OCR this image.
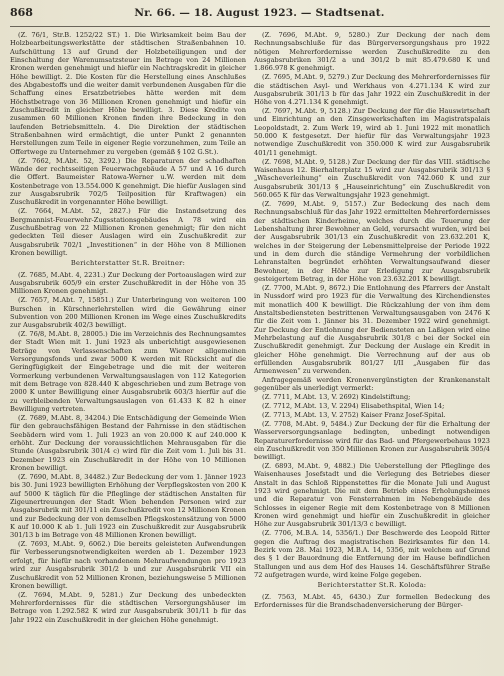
868	Nr. 66. — 18. August 1923. — Stadtsenat.

(Z. 76/1, Str.B. 1252/22 ST.) 1. Die Wirksamkeit beim Bau der Holzbearbeitungswerkstätte der städtischen Straßenbahnen 10. Aufschüttung 13 auf Grund der Holzbeteiligungen und der Einschaltung der Warenumsatzsteuer im Betrage von 24 Millionen Kronen werden genehmigt und hiefür ein Nachtragskredit in gleicher Höhe bewilligt. 2. Die Kosten für die Herstellung eines Anschlußes des Abgabestoffs und die weiter damit verbundenen Ausgaben für die Schaffung eines Ersatzbetriebes hätte werden mit dem Höchstbetrage von 36 Millionen Kronen genehmigt und hiefür ein Zuschußkredit in gleicher Höhe bewilligt. 3. Diese Kredite von zusammen 60 Millionen Kronen finden ihre Bedeckung in den laufenden Betriebsmitteln. 4. Die Direktion der städtischen Straßenbahnen wird ermächtigt, die unter Punkt 2 genannten Herstellungen zum Teile in eigener Regie vorzunehmen, zum Teile an Offertwege zu Unternehmer zu vergeben (gemäß § 102 G.St.).

(Z. 7662, M.Abt. 52, 3292.) Die Reparaturen der schadhaften Wände der rechtsseitigen Feuerwachgebäude A 57 und A 16 durch die Offert. Baumeister Ratowa-Werner u.W. werden mit dem Kostenbetrage von 13.554.000 K genehmigt. Die hiefür Auslagen sind zur Ausgabsrubrik 702/5 Teilposition für Kraftwagen) ein Zuschußkredit in vorgenannter Höhe bewilligt.

(Z. 7664, M.Abt. 52, 2827.) Für die Instandsetzung des Bergmannist-Feuerwehr-Zugsstationsgebäudes A 78 wird ein Zuschußbetrag von 22 Millionen Kronen genehmigt; für den nicht gedeckten Teil dieser Auslagen wird ein Zuschußkredit zur Ausgabsrubrik 702/1 „Investitionen“ in der Höhe von 8 Millionen Kronen bewilligt.

Berichterstatter St.R. Breitner:

(Z. 7685, M.Abt. 4, 2231.) Zur Deckung der Portoauslagen wird zur Ausgabsrubrik 605/9 ein erster Zuschußkredit in der Höhe von 35 Millionen Kronen genehmigt.

(Z. 7657, M.Abt. 7, 15851.) Zur Unterbringung von weiteren 100 Burschen in Kürschnerlehrstellen wird die Gewährung einer Subvention von 200 Millionen Kronen im Wege eines Zuschußkredits zur Ausgabsrubrik 402/3 bewilligt.

(Z. 76/8, M.Abt. 8, 28005.) Die im Verzeichnis des Rechnungsamtes der Stadt Wien mit 1. Juni 1923 als unberichtigt ausgewiesenen Beträge von Verlassenschaften zum Wiener allgemeinen Versorgungsfonds und zwar 5000 K werden mit Rücksicht auf die Geringfügigkeit der Eingebetrage und die mit der weiteren Vormerkung verbundenen Verwaltungsauslagen von 112 Kategorien mit dem Betrage von 828.440 K abgeschrieben und zum Betrage von 2000 K unter Bewilligung einer Ausgabsrubrik 603/3 hierfür auf die zu verbleibenden Verwaltungsauslagen von 61.433 K 82 h einer Bewilligung vertreten.

(Z. 7689, M.Abt. 8, 34204.) Die Entschädigung der Gemeinde Wien für den gebrauchsfähigen Bestand der Fahrnisse in den städtischen Seebädern wird vom 1. Juli 1923 an von 20.000 K auf 240.000 K erhöht. Zur Deckung der voraussichtlichen Mehrausgaben für die Stunde (Ausgabsrubrik 301/4 c) wird für die Zeit vom 1. Juli bis 31. Dezember 1923 ein Zuschußkredit in der Höhe von 10 Millionen Kronen bewilligt.

(Z. 7690, M.Abt. 8, 34482.) Zur Bedeckung der vom 1. Jänner 1923 bis 30. Juni 1923 bewilligten Erhöhung der Verpflegskosten von 200 K auf 5000 K täglich für die Pfleglinge der städtischen Anstalten für Zigeunertreuungen der Stadt Wien behenden Personen wird zur Ausgabsrubrik mit 301/11 ein Zuschußkredit von 12 Millionen Kronen und zur Bedeckung der von demselben Pflegskostensätzung von 5000 K auf 10.000 K ab 1. Juli 1923 ein Zuschußkredit zur Ausgabsrubrik 301/13 b im Betrage von 48 Millionen Kronen bewilligt.

(Z. 7693, M.Abt. 9, 6062.) Die bereits geleisteten Aufwendungen für Verbesserungsnotwendigkeiten werden ab 1. Dezember 1923 erfolgt, für hiefür nach vorhandenem Mehraufwendungen pro 1923 wird zur Ausgabsrubrik 301/2 b und zur Ausgabsrubrik VII ein Zuschußkredit von 52 Millionen Kronen, beziehungsweise 5 Millionen Kronen bewilligt.

(Z. 7694, M.Abt. 9, 5281.) Zur Deckung des unbedeckten Mehrerfordernisses für die städtischen Versorgungshäuser im Betrage von 1.292.582 K wird zur Ausgabsrubrik 301/11 b für das Jahr 1922 ein Zuschußkredit in der gleichen Höhe genehmigt.

(Z. 7696, M.Abt. 9, 5280.) Zur Deckung der nach dem Rechnungsabschluße für das Bürgerversorgungshaus pro 1922 nötigen Mehrerfordernisse werden Zuschußkredite zu den Ausgabsrubriken 301/2 a und 301/2 b mit 85.479.680 K und 1.866.978 K genehmigt.

(Z. 7695, M.Abt. 9, 5279.) Zur Deckung des Mehrerfordernisses für die städtischen Asyl- und Werkhaus von 4.271.134 K wird zur Ausgabsrubrik 301/13 b für das Jahr 1922 ein Zuschußkredit in der Höhe von 4.271.134 K genehmigt.

(Z. 7697, M.Abt. 9, 5128.) Zur Deckung der für die Hauswirtschaft und Einrichtung an den Zinsgewerkschaften im Magistratspalais Leopoldstadt, 2. Zum Werk 19, wird ab 1. Juni 1922 mit monatlich 50.000 K festgesetzt. Der hiefür für das Verwaltungsjahr 1923 notwendige Zuschußkredit von 350.000 K wird zur Ausgabsrubrik 401/11 genehmigt.

(Z. 7698, M.Abt. 9, 5128.) Zur Deckung der für das VIII. städtische Waisenhaus 12. Bierhalterplatz 15 wird zur Ausgabsrubrik 301/13 § „Wäscheverleihung“ ein Zuschußkredit von 742.060 K und zur Ausgabsrubrik 301/13 § „Hauseinrichtung“ ein Zuschußkredit von 560.065 K für das Verwaltungsjahr 1923 genehmigt.

(Z. 7699, M.Abt. 9, 5157.) Zur Bedeckung des nach dem Rechnungsabschluß für das Jahr 1922 ermittelten Mehrerfordernisses der städtischen Kinderheime, welches durch die Teuerung der Lebenshaltung ihrer Bewohner an Geld, verursacht wurden, wird bei der Ausgabsrubrik 301/13 ein Zuschußkredit von 23.632.201 K, welches in der Steigerung der Lebensmittelpreise der Periode 1922 und in dem durch die ständige Vermehrung der vorbildlichen Lehranstalten begründet erhöhten Verwaltungsaufwand dieser Bewohner, in der Höhe zur Erledigung zur Ausgabsrubrik gesteigertem Betrag, in der Höhe von 23.632.201 K bewilligt.

(Z. 7700, M.Abt. 9, 8672.) Die Entlohnung des Pfarrers der Anstalt in Nussdorf wird pro 1923 für die Verwaltung des Kirchendienstes mit monatlich 400 K bewilligt. Die Rückzahlung der von ihm dem Anstaltsbediensteten bestrittenen Verwaltungsausgaben von 2476 K für die Zeit vom 1. Jänner bis 31. Dezember 1922 wird genehmigt. Zur Deckung der Entlohnung der Bediensteten an Laßigen wird eine Mehrbelastung auf die Ausgabsrubrik 301/8 c bei der Sockel ein Zuschußkredit genehmigt. Zur Deckung der Auslage ein Kredit in gleicher Höhe genehmigt. Die Verrechnung auf der aus ob erfüllenden Ausgabsrubrik 801/27 I/II „Ausgaben für das Armenwesen“ zu verwenden.

Anfragegemäß werden Kronenvergünstigten der Krankenanstalt gegenüber als unerledigt vermerkt:

(Z. 7711, M.Abt. 13, V. 2692) Kindelstiftung;

(Z. 7712, M.Abt. 13, V. 2294) Elisabethspital, Wien 14;

(Z. 7713, M.Abt. 13, V. 2752) Kaiser Franz Josef-Spital.

(Z. 7708, M.Abt. 9, 5484.) Zur Deckung der für die Erhaltung der Wasserversorgungsanlage bedingten, unbedingt notwendigen Reparaturerfordernisse wird für das Bad- und Pfergewerbehaus 1923 ein Zuschußkredit von 350 Millionen Kronen zur Ausgabsrubrik 305/4 bewilligt.

(Z. 6893, M.Abt. 9, 4882.) Die Ueberstellung der Pfleglinge des Waisenhauses Josefstadt und die Verlegung des Betriebes dieser Anstalt in das Schloß Rippenstettes für die Monate Juli und August 1923 wird genehmigt. Die mit dem Betrieb eines Erholungsheimes und die Reparatur von Fensterrahmen im Nebengebäude des Schlosses in eigener Regie mit dem Kostenbetrage von 8 Millionen Kronen wird genehmigt und hiefür ein Zuschußkredit in gleicher Höhe zur Ausgabsrubrik 301/13/3 c bewilligt.

(Z. 7706, M.B.A. 14, 5356/1.) Der Beschwerde des Leopold Ritter gegen die Auftrag des magistratischen Bezirksamtes für den 14. Bezirk vom 28. Mai 1923, M.B.A. 14, 5356, mit welchem auf Grund des § 1 der Bauordnung die Entfernung der im Hause befindlichen Stallungen und aus dem Hof des Hauses 14. Geschäftsführer Straße 72 aufgetragen wurde, wird keine Folge gegeben.

Berichterstatter St.R. Koloda:

(Z. 7563, M.Abt. 45, 6430.) Zur formellen Bedeckung des Erfordernisses für die Brandschadenversicherung der Bürger-
